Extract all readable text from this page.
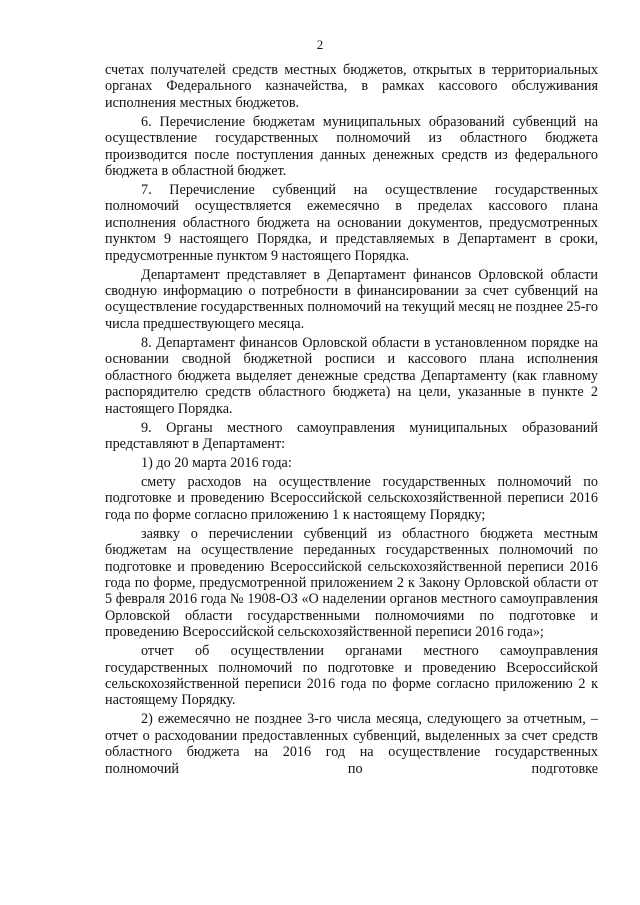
2

счетах получателей средств местных бюджетов, открытых в территориальных органах Федерального казначейства, в рамках кассового обслуживания исполнения местных бюджетов.

6. Перечисление бюджетам муниципальных образований субвенций на осуществление государственных полномочий из областного бюджета производится после поступления данных денежных средств из федерального бюджета в областной бюджет.

7. Перечисление субвенций на осуществление государственных полномочий осуществляется ежемесячно в пределах кассового плана исполнения областного бюджета на основании документов, предусмотренных пунктом 9 настоящего Порядка, и представляемых в Департамент в сроки, предусмотренные пунктом 9 настоящего Порядка.

Департамент представляет в Департамент финансов Орловской области сводную информацию о потребности в финансировании за счет субвенций на осуществление государственных полномочий на текущий месяц не позднее 25-го числа предшествующего месяца.

8. Департамент финансов Орловской области в установленном порядке на основании сводной бюджетной росписи и кассового плана исполнения областного бюджета выделяет денежные средства Департаменту (как главному распорядителю средств областного бюджета) на цели, указанные в пункте 2 настоящего Порядка.

9. Органы местного самоуправления муниципальных образований представляют в Департамент:

1) до 20 марта 2016 года:

смету расходов на осуществление государственных полномочий по подготовке и проведению Всероссийской сельскохозяйственной переписи 2016 года по форме согласно приложению 1 к настоящему Порядку;

заявку о перечислении субвенций из областного бюджета местным бюджетам на осуществление переданных государственных полномочий по подготовке и проведению Всероссийской сельскохозяйственной переписи 2016 года по форме, предусмотренной приложением 2 к Закону Орловской области от 5 февраля 2016 года № 1908-ОЗ «О наделении органов местного самоуправления Орловской области государственными полномочиями по подготовке и проведению Всероссийской сельскохозяйственной переписи 2016 года»;

отчет об осуществлении органами местного самоуправления государственных полномочий по подготовке и проведению Всероссийской сельскохозяйственной переписи 2016 года по форме согласно приложению 2 к настоящему Порядку.

2) ежемесячно не позднее 3-го числа месяца, следующего за отчетным, – отчет о расходовании предоставленных субвенций, выделенных за счет средств областного бюджета на 2016 год на осуществление государственных полномочий по подготовке
